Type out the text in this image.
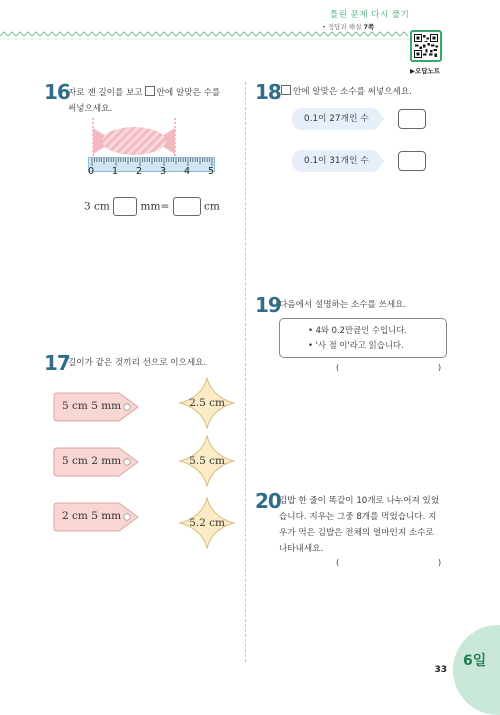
틀린 문제 다시 풀기
• 정답과 해설 7쪽
▶오답노트
16
자로 잰 길이를 보고 안에 알맞은 수를
써넣으세요.
0 1 2 3 4 5
3 cm	mm=	cm
17
길이가 같은 것끼리 선으로 이으세요.
5 cm 5 mm
5 cm 2 mm
2 cm 5 mm
2.5 cm
5.5 cm
5.2 cm
18	안에 알맞은 소수를 써넣으세요.
0.1이 27개인 수
0.1이 31개인 수
19
다음에서 설명하는 소수를 쓰세요.
• 4와 0.2만큼인 수입니다.
• '사 점 이'라고 읽습니다.
(	)
20
김밥 한 줄이 똑같이 10개로 나누어져 있었
습니다. 지우는 그중 8개를 먹었습니다. 지
우가 먹은 김밥은 전체의 얼마인지 소수로
나타내세요.
(	)
6일
33
